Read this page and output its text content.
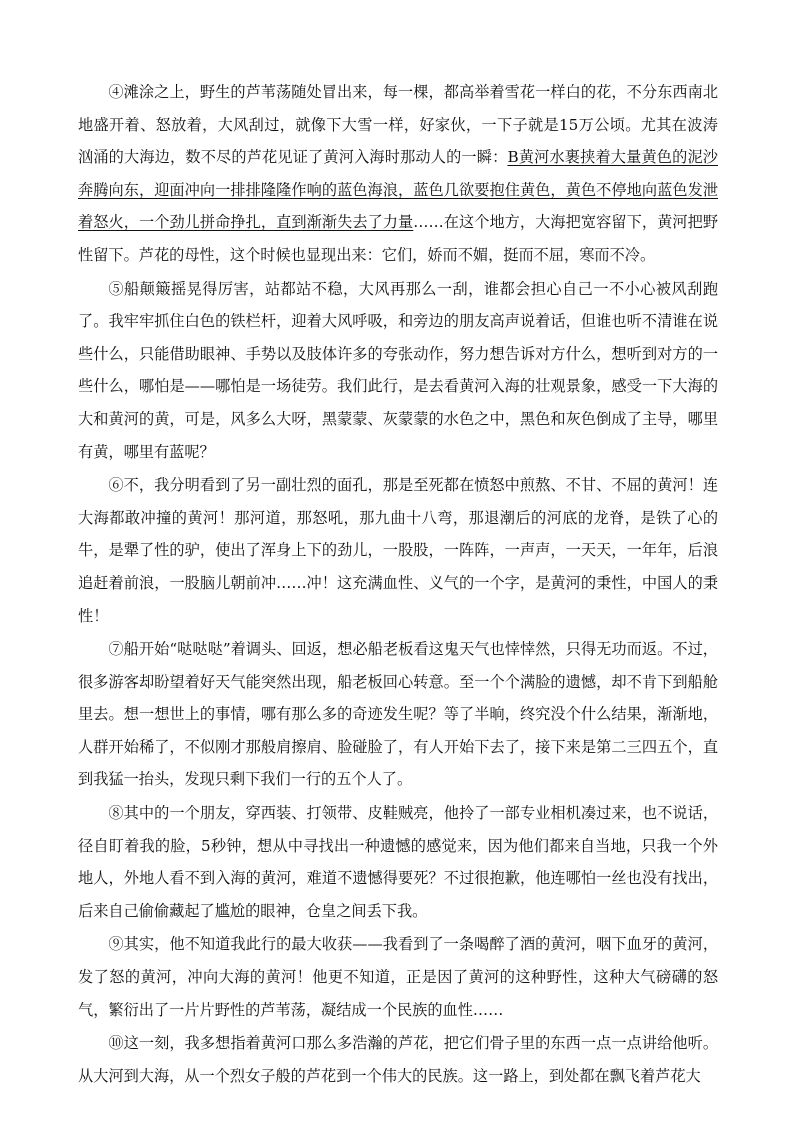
④滩涂之上，野生的芦苇荡随处冒出来，每一棵，都高举着雪花一样白的花，不分东西南北地盛开着、怒放着，大风刮过，就像下大雪一样，好家伙，一下子就是15万公顷。尤其在波涛汹涌的大海边，数不尽的芦花见证了黄河入海时那动人的一瞬：B黄河水裹挟着大量黄色的泥沙奔腾向东，迎面冲向一排排隆隆作响的蓝色海浪，蓝色几欲要抱住黄色，黄色不停地向蓝色发泄着怒火，一个劲儿拼命挣扎，直到渐渐失去了力量……在这个地方，大海把宽容留下，黄河把野性留下。芦花的母性，这个时候也显现出来：它们，娇而不媚，挺而不屈，寒而不冷。

⑤船颠簸摇晃得厉害，站都站不稳，大风再那么一刮，谁都会担心自己一不小心被风刮跑了。我牢牢抓住白色的铁栏杆，迎着大风呼吸，和旁边的朋友高声说着话，但谁也听不清谁在说些什么，只能借助眼神、手势以及肢体许多的夸张动作，努力想告诉对方什么，想听到对方的一些什么，哪怕是——哪怕是一场徒劳。我们此行，是去看黄河入海的壮观景象，感受一下大海的大和黄河的黄，可是，风多么大呀，黑蒙蒙、灰蒙蒙的水色之中，黑色和灰色倒成了主导，哪里有黄，哪里有蓝呢？

⑥不，我分明看到了另一副壮烈的面孔，那是至死都在愤怒中煎熬、不甘、不屈的黄河！连大海都敢冲撞的黄河！那河道，那怒吼，那九曲十八弯，那退潮后的河底的龙脊，是铁了心的牛，是犟了性的驴，使出了浑身上下的劲儿，一股股，一阵阵，一声声，一天天，一年年，后浪追赶着前浪，一股脑儿朝前冲……冲！这充满血性、义气的一个字，是黄河的秉性，中国人的秉性！

⑦船开始“哒哒哒”着调头、回返，想必船老板看这鬼天气也悻悻然，只得无功而返。不过，很多游客却盼望着好天气能突然出现，船老板回心转意。至一个个满脸的遗憾，却不肯下到船舱里去。想一想世上的事情，哪有那么多的奇迹发生呢？等了半晌，终究没个什么结果，渐渐地，人群开始稀了，不似刚才那般肩擦肩、脸碰脸了，有人开始下去了，接下来是第二三四五个，直到我猛一抬头，发现只剩下我们一行的五个人了。

⑧其中的一个朋友，穿西装、打领带、皮鞋贼亮，他拎了一部专业相机凑过来，也不说话，径自盯着我的脸，5秒钟，想从中寻找出一种遗憾的感觉来，因为他们都来自当地，只我一个外地人，外地人看不到入海的黄河，难道不遗憾得要死？不过很抱歉，他连哪怕一丝也没有找出，后来自己偷偷藏起了尴尬的眼神，仓皇之间丢下我。

⑨其实，他不知道我此行的最大收获——我看到了一条喝醉了酒的黄河，咽下血牙的黄河，发了怒的黄河，冲向大海的黄河！他更不知道，正是因了黄河的这种野性，这种大气磅礴的怒气，繁衍出了一片片野性的芦苇荡，凝结成一个民族的血性……

⑩这一刻，我多想指着黄河口那么多浩瀚的芦花，把它们骨子里的东西一点一点讲给他听。从大河到大海，从一个烈女子般的芦花到一个伟大的民族。这一路上，到处都在飘飞着芦花大
